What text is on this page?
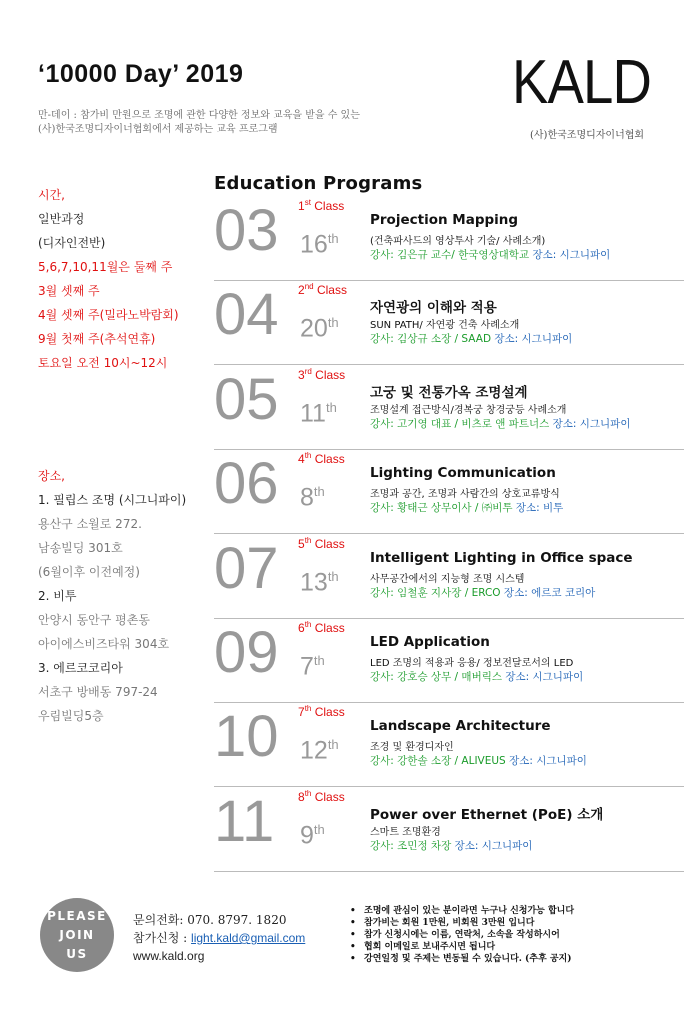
‘10000 Day’ 2019
만-데이 : 참가비 만원으로 조명에 관한 다양한 정보와 교육을 받을 수 있는
(사)한국조명디자이너협회에서 제공하는 교육 프로그램
KALD
(사)한국조명디자이너협회
Education Programs
시간,
일반과정
(디자인전반)
5,6,7,10,11월은 둘째 주
3월 셋째 주
4월 셋째 주(밀라노박람회)
9월 첫째 주(추석연휴)
토요일 오전 10시~12시
장소,
1. 필립스 조명 (시그니파이)
용산구 소월로 272.
남송빌딩 301호
(6월이후 이전예정)
2. 비투
안양시 동안구 평촌동
아이에스비즈타워 304호
3. 에르코코리아
서초구 방배동 797-24
우림빌딩5층
03 1st Class
16th
Projection Mapping
(건축파사드의 영상투사 기술/ 사례소개)
강사: 김은규 교수/ 한국영상대학교 장소: 시그니파이
04 2nd Class
20th
자연광의 이해와 적용
SUN PATH/ 자연광 건축 사례소개
강사: 김상규 소장 / SAAD 장소: 시그니파이
05 3rd Class
11th
고궁 및 전통가옥 조명설계
조명설계 접근방식/경복궁 창경궁등 사례소개
강사: 고기영 대표 / 비츠로 앤 파트너스 장소: 시그니파이
06 4th Class
8th
Lighting Communication
조명과 공간, 조명과 사람간의 상호교류방식
강사: 황태근 상무이사 / ㈜비투 장소: 비투
07 5th Class
13th
Intelligent Lighting in Office space
사무공간에서의 지능형 조명 시스템
강사: 임철훈 지사장 / ERCO 장소: 에르코 코리아
09 6th Class
7th
LED Application
LED 조명의 적용과 응용/ 정보전달로서의 LED
강사: 강호승 상무 / 매버릭스 장소: 시그니파이
10 7th Class
12th
Landscape Architecture
조경 및 환경디자인
강사: 강한솔 소장 / ALIVEUS 장소: 시그니파이
11 8th Class
9th
Power over Ethernet (PoE) 소개
스마트 조명환경
강사: 조민정 차장 장소: 시그니파이
PLEASE
JOIN
US
문의전화: 070. 8797. 1820
참가신청 : light.kald@gmail.com
www.kald.org
• 조명에 관심이 있는 분이라면 누구나 신청가능 합니다
• 참가비는 회원 1만원, 비회원 3만원 입니다
• 참가 신청시에는 이름, 연락처, 소속을 작성하시어
• 협회 이메일로 보내주시면 됩니다
• 강연일정 및 주제는 변동될 수 있습니다. (추후 공지)
